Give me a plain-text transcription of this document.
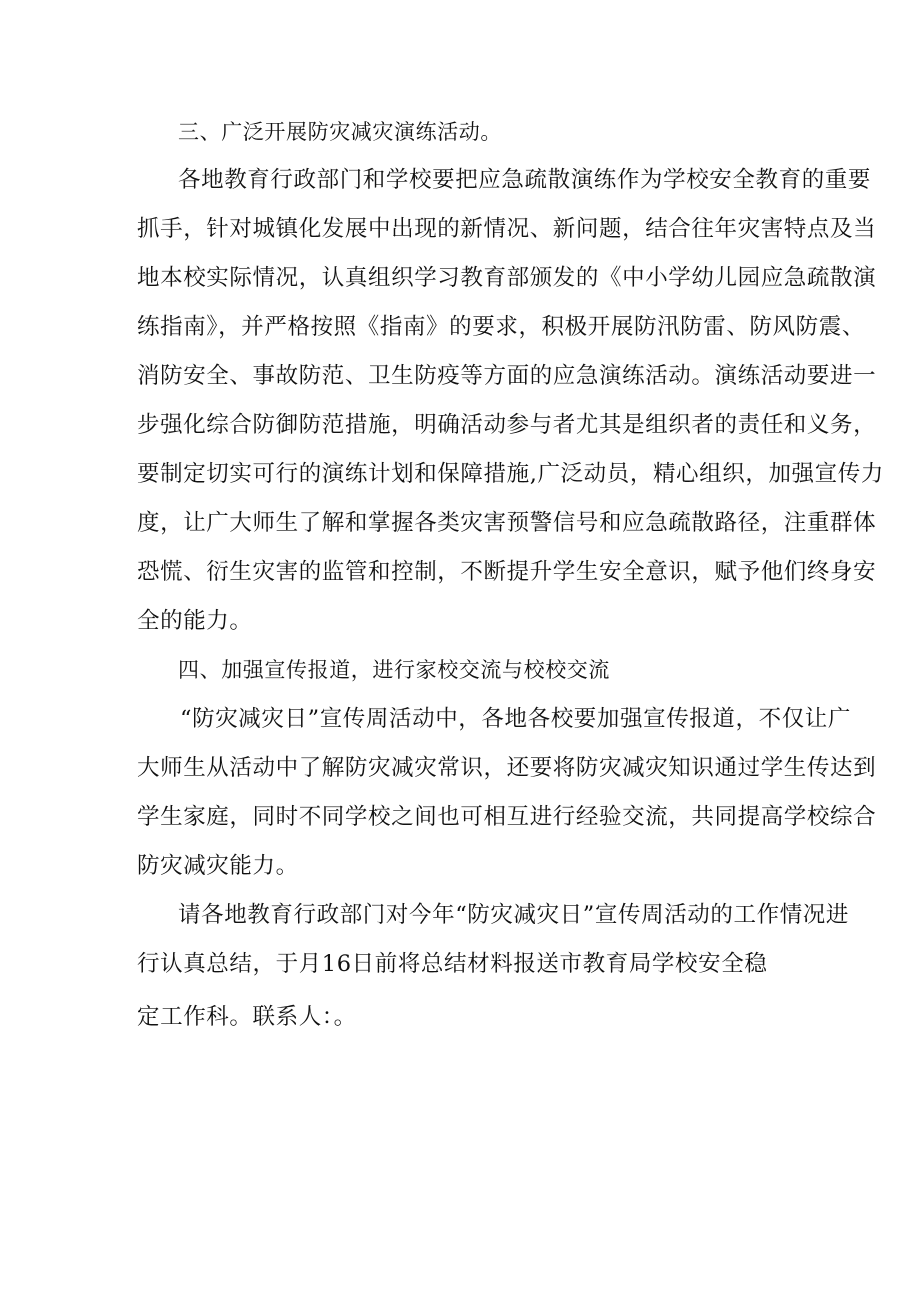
三、广泛开展防灾减灾演练活动。
各地教育行政部门和学校要把应急疏散演练作为学校安全教育的重要
抓手，针对城镇化发展中出现的新情况、新问题，结合往年灾害特点及当
地本校实际情况，认真组织学习教育部颁发的《中小学幼儿园应急疏散演
练指南》，并严格按照《指南》的要求，积极开展防汛防雷、防风防震、
消防安全、事故防范、卫生防疫等方面的应急演练活动。演练活动要进一
步强化综合防御防范措施，明确活动参与者尤其是组织者的责任和义务，
要制定切实可行的演练计划和保障措施,广泛动员，精心组织，加强宣传力
度，让广大师生了解和掌握各类灾害预警信号和应急疏散路径，注重群体
恐慌、衍生灾害的监管和控制，不断提升学生安全意识，赋予他们终身安
全的能力。
四、加强宣传报道，进行家校交流与校校交流
“防灾减灾日”宣传周活动中，各地各校要加强宣传报道，不仅让广
大师生从活动中了解防灾减灾常识，还要将防灾减灾知识通过学生传达到
学生家庭，同时不同学校之间也可相互进行经验交流，共同提高学校综合
防灾减灾能力。
请各地教育行政部门对今年“防灾减灾日”宣传周活动的工作情况进
行认真总结，于月16日前将总结材料报送市教育局学校安全稳
定工作科。联系人：。
